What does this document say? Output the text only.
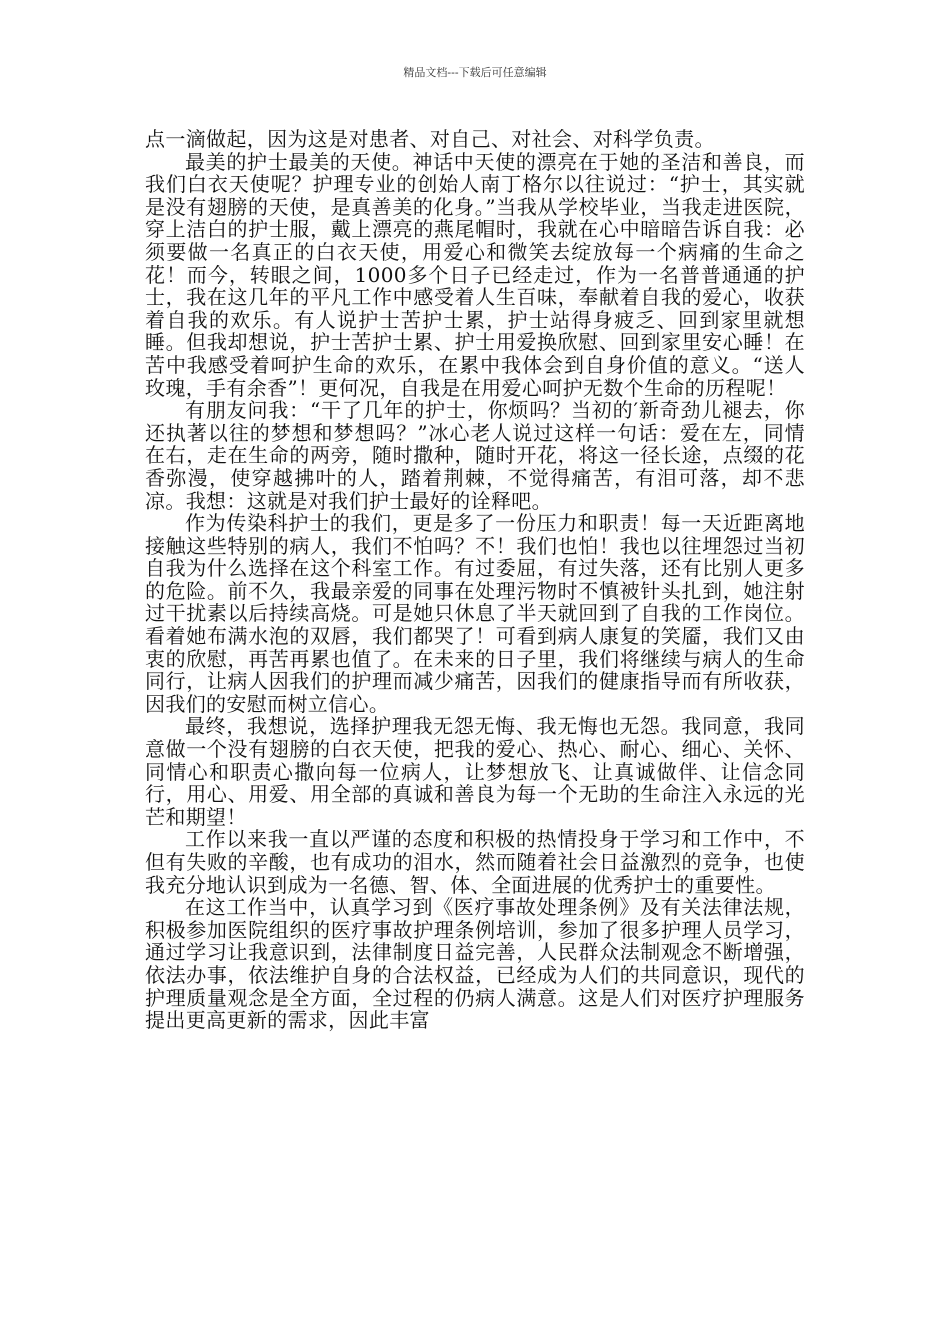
精品文档---下载后可任意编辑

点一滴做起，因为这是对患者、对自己、对社会、对科学负责。

最美的护士最美的天使。神话中天使的漂亮在于她的圣洁和善良，而我们白衣天使呢？护理专业的创始人南丁格尔以往说过：“护士，其实就是没有翅膀的天使，是真善美的化身。”当我从学校毕业，当我走进医院，穿上洁白的护士服，戴上漂亮的燕尾帽时，我就在心中暗暗告诉自我：必须要做一名真正的白衣天使，用爱心和微笑去绽放每一个病痛的生命之花！而今，转眼之间，1000多个日子已经走过，作为一名普普通通的护士，我在这几年的平凡工作中感受着人生百味，奉献着自我的爱心，收获着自我的欢乐。有人说护士苦护士累，护士站得身疲乏、回到家里就想睡。但我却想说，护士苦护士累、护士用爱换欣慰、回到家里安心睡！在苦中我感受着呵护生命的欢乐，在累中我体会到自身价值的意义。“送人玫瑰，手有余香”！更何况，自我是在用爱心呵护无数个生命的历程呢！

有朋友问我：“干了几年的护士，你烦吗？当初的′新奇劲儿褪去，你还执著以往的梦想和梦想吗？”冰心老人说过这样一句话：爱在左，同情在右，走在生命的两旁，随时撒种，随时开花，将这一径长途，点缀的花香弥漫，使穿越拂叶的人，踏着荆棘，不觉得痛苦，有泪可落，却不悲凉。我想：这就是对我们护士最好的诠释吧。

作为传染科护士的我们，更是多了一份压力和职责！每一天近距离地接触这些特别的病人，我们不怕吗？不！我们也怕！我也以往埋怨过当初自我为什么选择在这个科室工作。有过委屈，有过失落，还有比别人更多的危险。前不久，我最亲爱的同事在处理污物时不慎被针头扎到，她注射过干扰素以后持续高烧。可是她只休息了半天就回到了自我的工作岗位。看着她布满水泡的双唇，我们都哭了！可看到病人康复的笑靥，我们又由衷的欣慰，再苦再累也值了。在未来的日子里，我们将继续与病人的生命同行，让病人因我们的护理而减少痛苦，因我们的健康指导而有所收获，因我们的安慰而树立信心。

最终，我想说，选择护理我无怨无悔、我无悔也无怨。我同意，我同意做一个没有翅膀的白衣天使，把我的爱心、热心、耐心、细心、关怀、同情心和职责心撒向每一位病人，让梦想放飞、让真诚做伴、让信念同行，用心、用爱、用全部的真诚和善良为每一个无助的生命注入永远的光芒和期望！

工作以来我一直以严谨的态度和积极的热情投身于学习和工作中，不但有失败的辛酸，也有成功的泪水，然而随着社会日益激烈的竞争，也使我充分地认识到成为一名德、智、体、全面进展的优秀护士的重要性。

在这工作当中，认真学习到《医疗事故处理条例》及有关法律法规，积极参加医院组织的医疗事故护理条例培训，参加了很多护理人员学习，通过学习让我意识到，法律制度日益完善，人民群众法制观念不断增强，依法办事，依法维护自身的合法权益，已经成为人们的共同意识，现代的护理质量观念是全方面，全过程的仍病人满意。这是人们对医疗护理服务提出更高更新的需求，因此丰富
